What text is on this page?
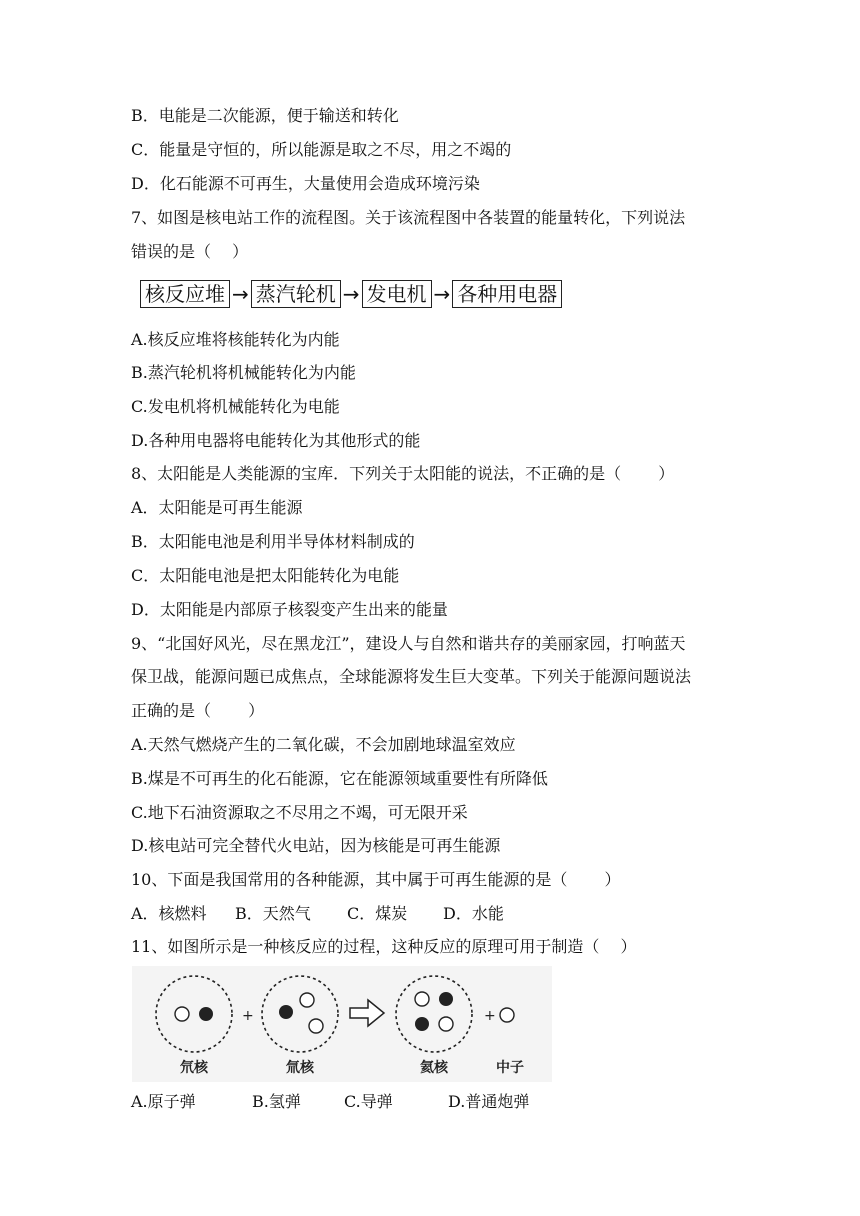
B．电能是二次能源，便于输送和转化
C．能量是守恒的，所以能源是取之不尽，用之不竭的
D．化石能源不可再生，大量使用会造成环境污染
7、如图是核电站工作的流程图。关于该流程图中各装置的能量转化，下列说法
错误的是（　 ）
核反应堆 → 蒸汽轮机 → 发电机 → 各种用电器
A.核反应堆将核能转化为内能
B.蒸汽轮机将机械能转化为内能
C.发电机将机械能转化为电能
D.各种用电器将电能转化为其他形式的能
8、太阳能是人类能源的宝库．下列关于太阳能的说法，不正确的是（　　 ）
A．太阳能是可再生能源
B．太阳能电池是利用半导体材料制成的
C．太阳能电池是把太阳能转化为电能
D．太阳能是内部原子核裂变产生出来的能量
9、“北国好风光，尽在黑龙江”，建设人与自然和谐共存的美丽家园，打响蓝天
保卫战，能源问题已成焦点，全球能源将发生巨大变革。下列关于能源问题说法
正确的是（　　 ）
A.天然气燃烧产生的二氧化碳，不会加剧地球温室效应
B.煤是不可再生的化石能源，它在能源领域重要性有所降低
C.地下石油资源取之不尽用之不竭，可无限开采
D.核电站可完全替代火电站，因为核能是可再生能源
10、下面是我国常用的各种能源，其中属于可再生能源的是（　　 ）
A．核燃料 B．天然气 C．煤炭 D．水能
11、如图所示是一种核反应的过程，这种反应的原理可用于制造（　 ）
+	+
氘核	氚核	氦核	中子
A.原子弹	B.氢弹	C.导弹	D.普通炮弹
